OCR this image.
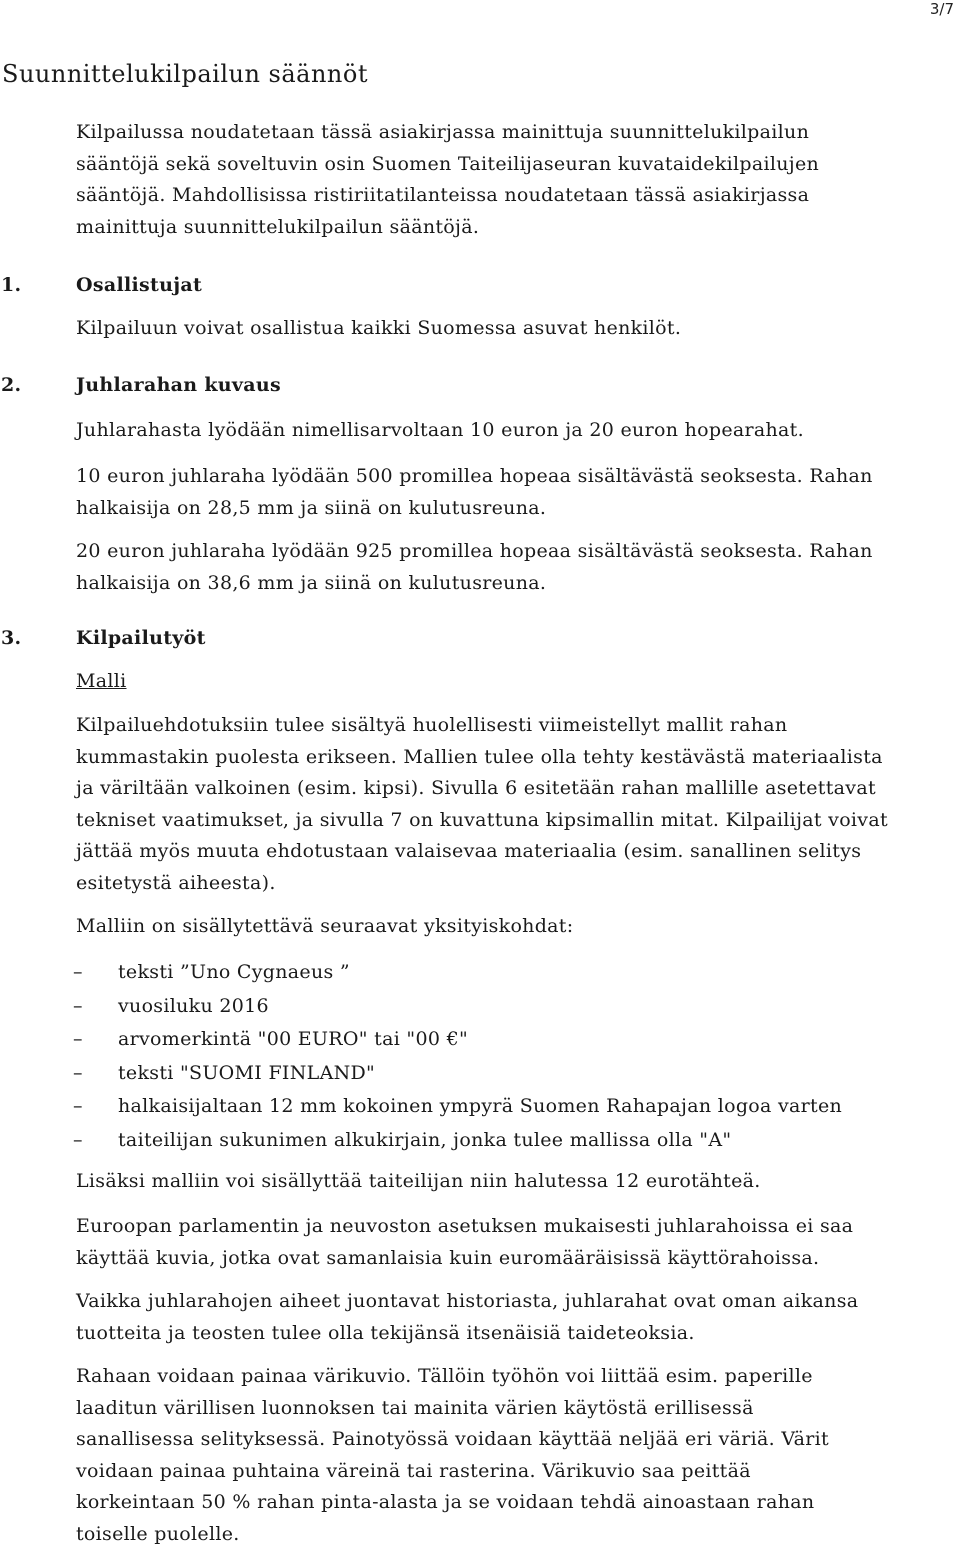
3/7
Suunnittelukilpailun säännöt

Kilpailussa noudatetaan tässä asiakirjassa mainittuja suunnittelukilpailun sääntöjä sekä soveltuvin osin Suomen Taiteilijaseuran kuvataidekilpailujen sääntöjä. Mahdollisissa ristiriitatilanteissa noudatetaan tässä asiakirjassa mainittuja suunnittelukilpailun sääntöjä.

1.	Osallistujat

Kilpailuun voivat osallistua kaikki Suomessa asuvat henkilöt.

2.	Juhlarahan kuvaus

Juhlarahasta lyödään nimellisarvoltaan 10 euron ja 20 euron hopearahat.

10 euron juhlaraha lyödään 500 promillea hopeaa sisältävästä seoksesta. Rahan halkaisija on 28,5 mm ja siinä on kulutusreuna.

20 euron juhlaraha lyödään 925 promillea hopeaa sisältävästä seoksesta. Rahan halkaisija on 38,6 mm ja siinä on kulutusreuna.

3.	Kilpailutyöt

Malli

Kilpailuehdotuksiin tulee sisältyä huolellisesti viimeistellyt mallit rahan kummastakin puolesta erikseen. Mallien tulee olla tehty kestävästä materiaalista ja väriltään valkoinen (esim. kipsi). Sivulla 6 esitetään rahan mallille asetettavat tekniset vaatimukset, ja sivulla 7 on kuvattuna kipsimallin mitat. Kilpailijat voivat jättää myös muuta ehdotustaan valaisevaa materiaalia (esim. sanallinen selitys esitetystä aiheesta).

Malliin on sisällytettävä seuraavat yksityiskohdat:

– teksti ”Uno Cygnaeus ”
– vuosiluku 2016
– arvomerkintä "00 EURO" tai "00 €"
– teksti "SUOMI FINLAND"
– halkaisijaltaan 12 mm kokoinen ympyrä Suomen Rahapajan logoa varten
– taiteilijan sukunimen alkukirjain, jonka tulee mallissa olla "A"

Lisäksi malliin voi sisällyttää taiteilijan niin halutessa 12 eurotähteä.

Euroopan parlamentin ja neuvoston asetuksen mukaisesti juhlarahoissa ei saa käyttää kuvia, jotka ovat samanlaisia kuin euromääräisissä käyttörahoissa.

Vaikka juhlarahojen aiheet juontavat historiasta, juhlarahat ovat oman aikansa tuotteita ja teosten tulee olla tekijänsä itsenäisiä taideteoksia.

Rahaan voidaan painaa värikuvio. Tällöin työhön voi liittää esim. paperille laaditun värillisen luonnoksen tai mainita värien käytöstä erillisessä sanallisessa selityksessä. Painotyössä voidaan käyttää neljää eri väriä. Värit voidaan painaa puhtaina väreinä tai rasterina. Värikuvio saa peittää korkeintaan 50 % rahan pinta-alasta ja se voidaan tehdä ainoastaan rahan toiselle puolelle.
